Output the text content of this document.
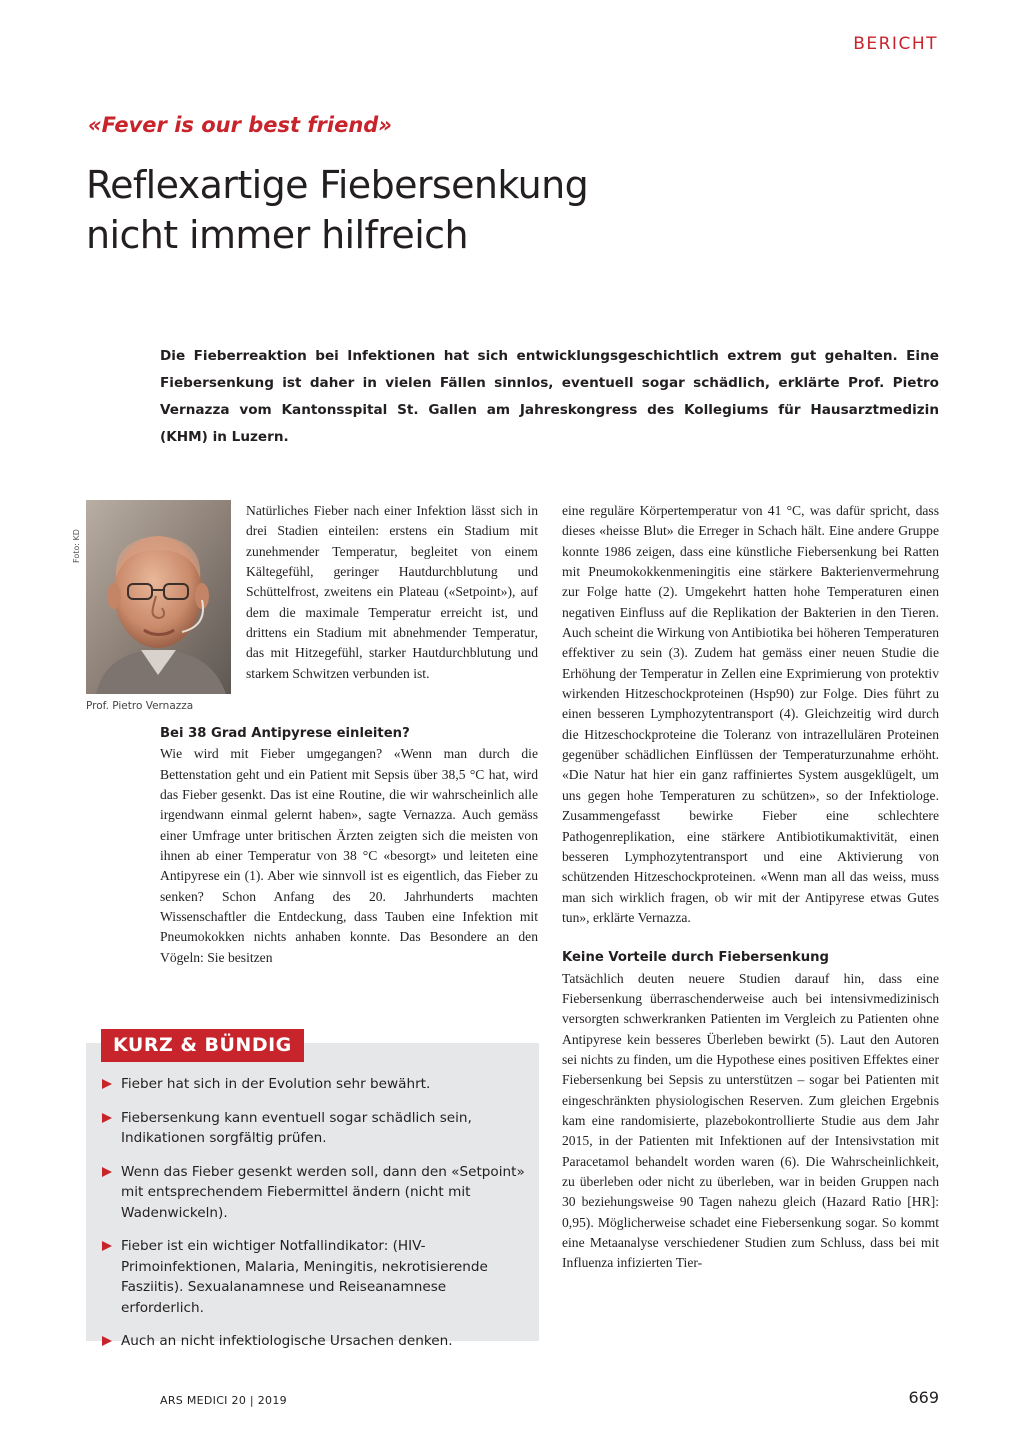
BERICHT
«Fever is our best friend»
Reflexartige Fiebersenkung
nicht immer hilfreich

Die Fieberreaktion bei Infektionen hat sich entwicklungsgeschichtlich extrem gut gehalten. Eine Fiebersenkung ist daher in vielen Fällen sinnlos, eventuell sogar schädlich, erklärte Prof. Pietro Vernazza vom Kantonsspital St. Gallen am Jahreskongress des Kollegiums für Hausarztmedizin (KHM) in Luzern.

Foto: KD
Prof. Pietro Vernazza

Natürliches Fieber nach einer Infektion lässt sich in drei Stadien einteilen: erstens ein Stadium mit zunehmender Temperatur, begleitet von einem Kältegefühl, geringer Hautdurchblutung und Schüttelfrost, zweitens ein Plateau («Setpoint»), auf dem die maximale Temperatur erreicht ist, und drittens ein Stadium mit abnehmender Temperatur, das mit Hitzegefühl, starker Hautdurchblutung und starkem Schwitzen verbunden ist.

Bei 38 Grad Antipyrese einleiten?

Wie wird mit Fieber umgegangen? «Wenn man durch die Bettenstation geht und ein Patient mit Sepsis über 38,5 °C hat, wird das Fieber gesenkt. Das ist eine Routine, die wir wahrscheinlich alle irgendwann einmal gelernt haben», sagte Vernazza. Auch gemäss einer Umfrage unter britischen Ärzten zeigten sich die meisten von ihnen ab einer Temperatur von 38 °C «besorgt» und leiteten eine Antipyrese ein (1). Aber wie sinnvoll ist es eigentlich, das Fieber zu senken? Schon Anfang des 20. Jahrhunderts machten Wissenschaftler die Entdeckung, dass Tauben eine Infektion mit Pneumokokken nichts anhaben konnte. Das Besondere an den Vögeln: Sie besitzen

eine reguläre Körpertemperatur von 41 °C, was dafür spricht, dass dieses «heisse Blut» die Erreger in Schach hält. Eine andere Gruppe konnte 1986 zeigen, dass eine künstliche Fiebersenkung bei Ratten mit Pneumokokkenmeningitis eine stärkere Bakterienvermehrung zur Folge hatte (2). Umgekehrt hatten hohe Temperaturen einen negativen Einfluss auf die Replikation der Bakterien in den Tieren. Auch scheint die Wirkung von Antibiotika bei höheren Temperaturen effektiver zu sein (3). Zudem hat gemäss einer neuen Studie die Erhöhung der Temperatur in Zellen eine Exprimierung von protektiv wirkenden Hitzeschockproteinen (Hsp90) zur Folge. Dies führt zu einen besseren Lymphozytentransport (4). Gleichzeitig wird durch die Hitzeschockproteine die Toleranz von intrazellulären Proteinen gegenüber schädlichen Einflüssen der Temperaturzunahme erhöht. «Die Natur hat hier ein ganz raffiniertes System ausgeklügelt, um uns gegen hohe Temperaturen zu schützen», so der Infektiologe. Zusammengefasst bewirke Fieber eine schlechtere Pathogenreplikation, eine stärkere Antibiotikumaktivität, einen besseren Lymphozytentransport und eine Aktivierung von schützenden Hitzeschockproteinen. «Wenn man all das weiss, muss man sich wirklich fragen, ob wir mit der Antipyrese etwas Gutes tun», erklärte Vernazza.

Keine Vorteile durch Fiebersenkung

Tatsächlich deuten neuere Studien darauf hin, dass eine Fiebersenkung überraschenderweise auch bei intensivmedizinisch versorgten schwerkranken Patienten im Vergleich zu Patienten ohne Antipyrese kein besseres Überleben bewirkt (5). Laut den Autoren sei nichts zu finden, um die Hypothese eines positiven Effektes einer Fiebersenkung bei Sepsis zu unterstützen – sogar bei Patienten mit eingeschränkten physiologischen Reserven. Zum gleichen Ergebnis kam eine randomisierte, plazebokontrollierte Studie aus dem Jahr 2015, in der Patienten mit Infektionen auf der Intensivstation mit Paracetamol behandelt worden waren (6). Die Wahrscheinlichkeit, zu überleben oder nicht zu überleben, war in beiden Gruppen nach 30 beziehungsweise 90 Tagen nahezu gleich (Hazard Ratio [HR]: 0,95). Möglicherweise schadet eine Fiebersenkung sogar. So kommt eine Metaanalyse verschiedener Studien zum Schluss, dass bei mit Influenza infizierten Tier-

KURZ & BÜNDIG
Fieber hat sich in der Evolution sehr bewährt.
Fiebersenkung kann eventuell sogar schädlich sein, Indikationen sorgfältig prüfen.
Wenn das Fieber gesenkt werden soll, dann den «Setpoint» mit entsprechendem Fiebermittel ändern (nicht mit Wadenwickeln).
Fieber ist ein wichtiger Notfallindikator: (HIV-Primoinfektionen, Malaria, Meningitis, nekrotisierende Fasziitis). Sexualanamnese und Reiseanamnese erforderlich.
Auch an nicht infektiologische Ursachen denken.
ARS MEDICI 20 | 2019	669
